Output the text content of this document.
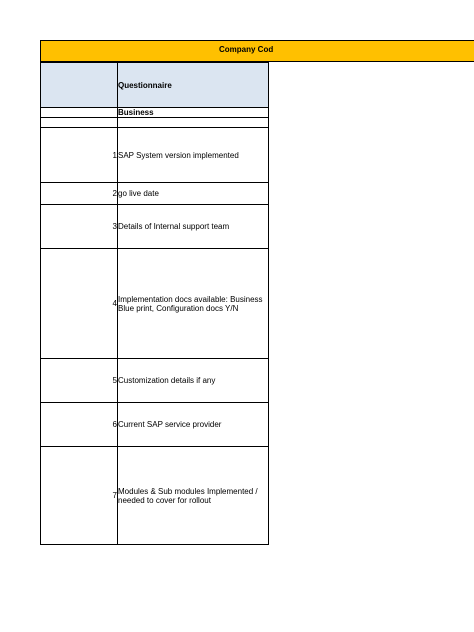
Company Cod
	Questionnaire
	Business

1	SAP System version implemented
2	go live date
3	Details of Internal support team
4	Implementation docs available: Business Blue print, Configuration docs Y/N
5	Customization details if any
6	Current SAP service provider
7	Modules & Sub modules Implemented / needed to cover for rollout
